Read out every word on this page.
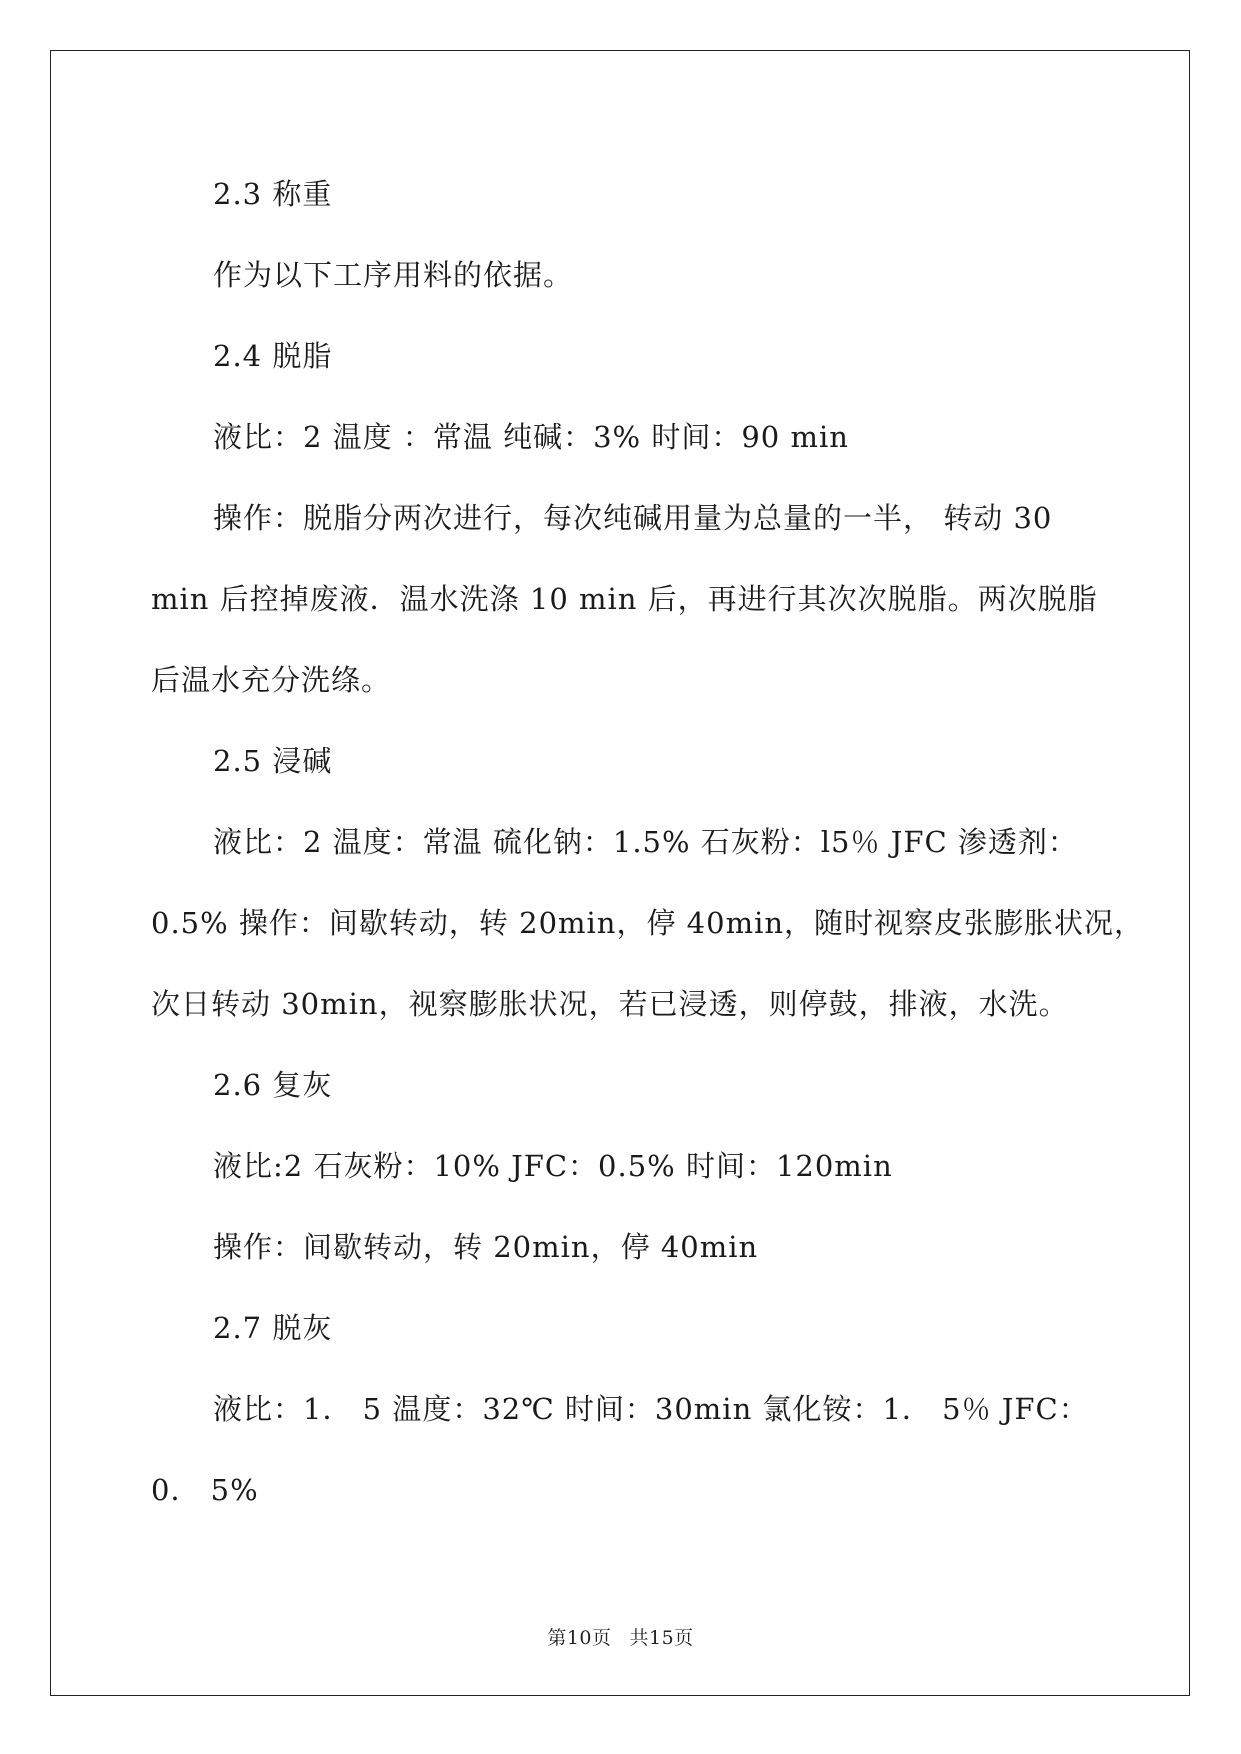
2.3 称重
作为以下工序用料的依据。
2.4 脱脂
液比：2 温度 ：常温 纯碱：3% 时间：90 min
操作：脱脂分两次进行，每次纯碱用量为总量的一半， 转动 30
min 后控掉废液．温水洗涤 10 min 后，再进行其次次脱脂。两次脱脂
后温水充分洗绦。
2.5 浸碱
液比：2 温度：常温 硫化钠：1.5% 石灰粉：l5％ JFC 渗透剂：
0.5% 操作：间歇转动，转 20min，停 40min，随时视察皮张膨胀状况，
次日转动 30min，视察膨胀状况，若已浸透，则停鼓，排液，水洗。
2.6 复灰
液比:2 石灰粉：10% JFC：0.5% 时间：120min
操作：间歇转动，转 20min，停 40min
2.7 脱灰
液比：1． 5 温度：32℃ 时间：30min 氯化铵：1． 5％ JFC：
0． 5%
第10页 共15页
